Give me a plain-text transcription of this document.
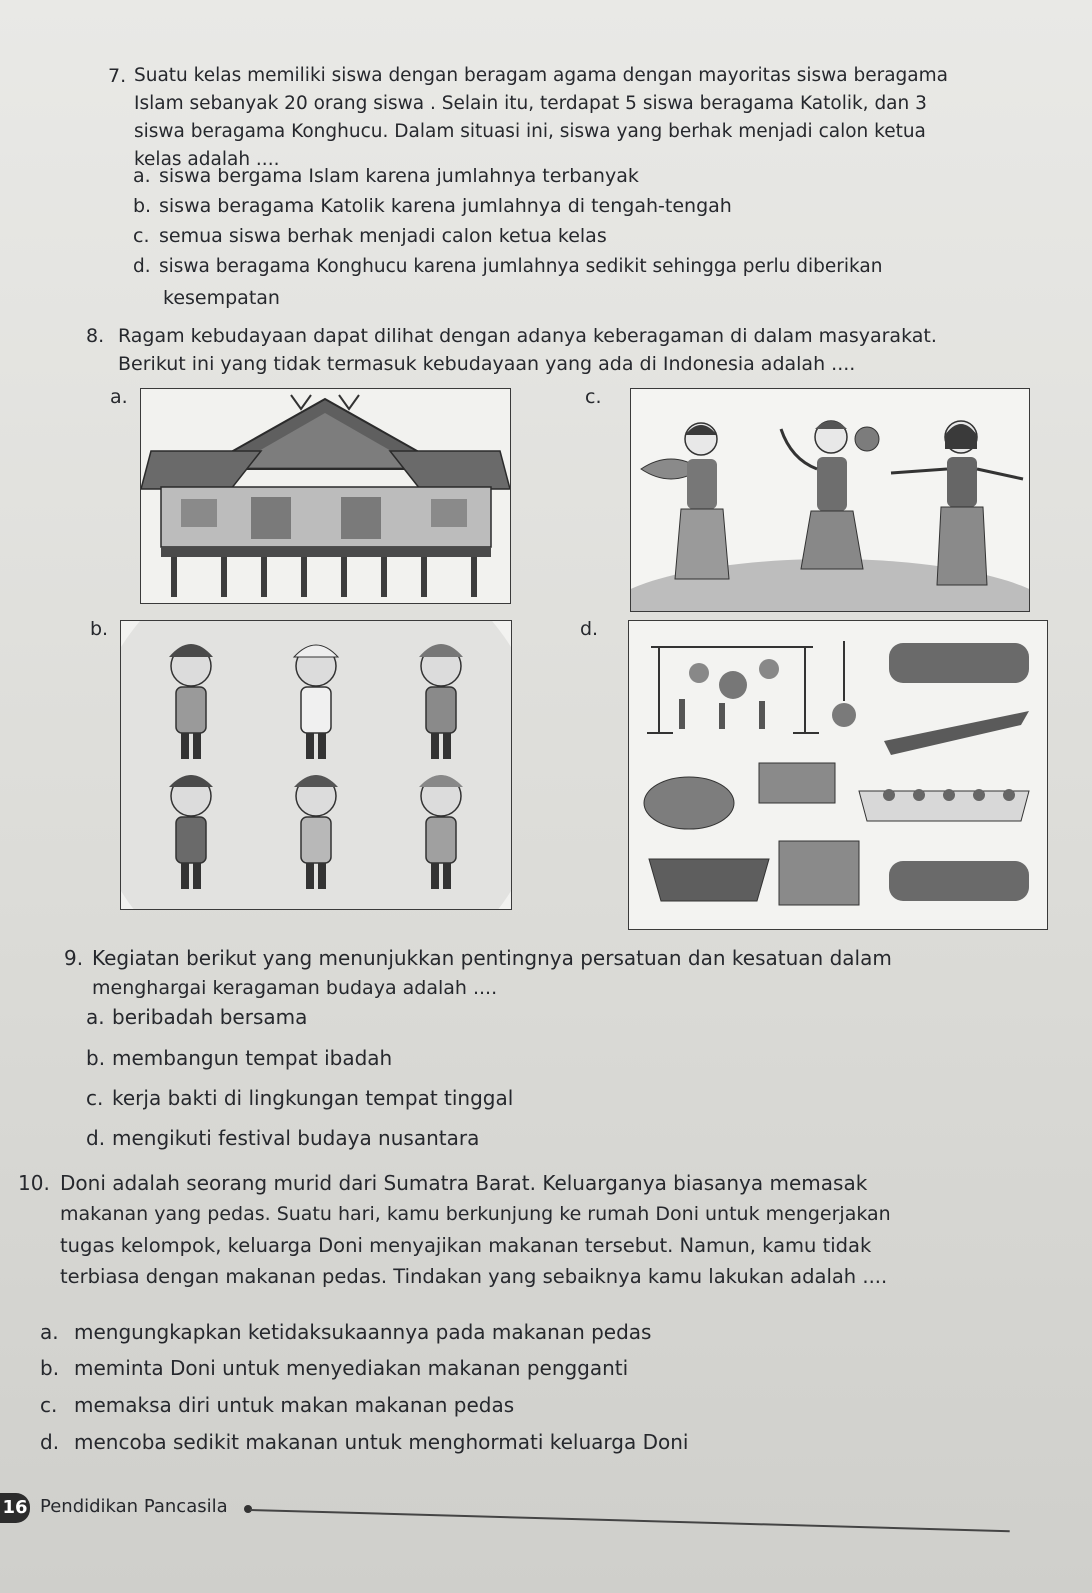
7. Suatu kelas memiliki siswa dengan beragam agama dengan mayoritas siswa beragama
Islam sebanyak 20 orang siswa . Selain itu, terdapat 5 siswa beragama Katolik, dan 3
siswa beragama Konghucu. Dalam situasi ini, siswa yang berhak menjadi calon ketua
kelas adalah ....
a. siswa bergama Islam karena jumlahnya terbanyak
b. siswa beragama Katolik karena jumlahnya di tengah-tengah
c. semua siswa berhak menjadi calon ketua kelas
d. siswa beragama Konghucu karena jumlahnya sedikit sehingga perlu diberikan
kesempatan
8. Ragam kebudayaan dapat dilihat dengan adanya keberagaman di dalam masyarakat.
Berikut ini yang tidak termasuk kebudayaan yang ada di Indonesia adalah ....
a.	c.
b.	d.
9. Kegiatan berikut yang menunjukkan pentingnya persatuan dan kesatuan dalam
menghargai keragaman budaya adalah ....
a. beribadah bersama
b. membangun tempat ibadah
c. kerja bakti di lingkungan tempat tinggal
d. mengikuti festival budaya nusantara
10. Doni adalah seorang murid dari Sumatra Barat. Keluarganya biasanya memasak
makanan yang pedas. Suatu hari, kamu berkunjung ke rumah Doni untuk mengerjakan
tugas kelompok, keluarga Doni menyajikan makanan tersebut. Namun, kamu tidak
terbiasa dengan makanan pedas. Tindakan yang sebaiknya kamu lakukan adalah ....
a. mengungkapkan ketidaksukaannya pada makanan pedas
b. meminta Doni untuk menyediakan makanan pengganti
c. memaksa diri untuk makan makanan pedas
d. mencoba sedikit makanan untuk menghormati keluarga Doni
16 Pendidikan Pancasila
